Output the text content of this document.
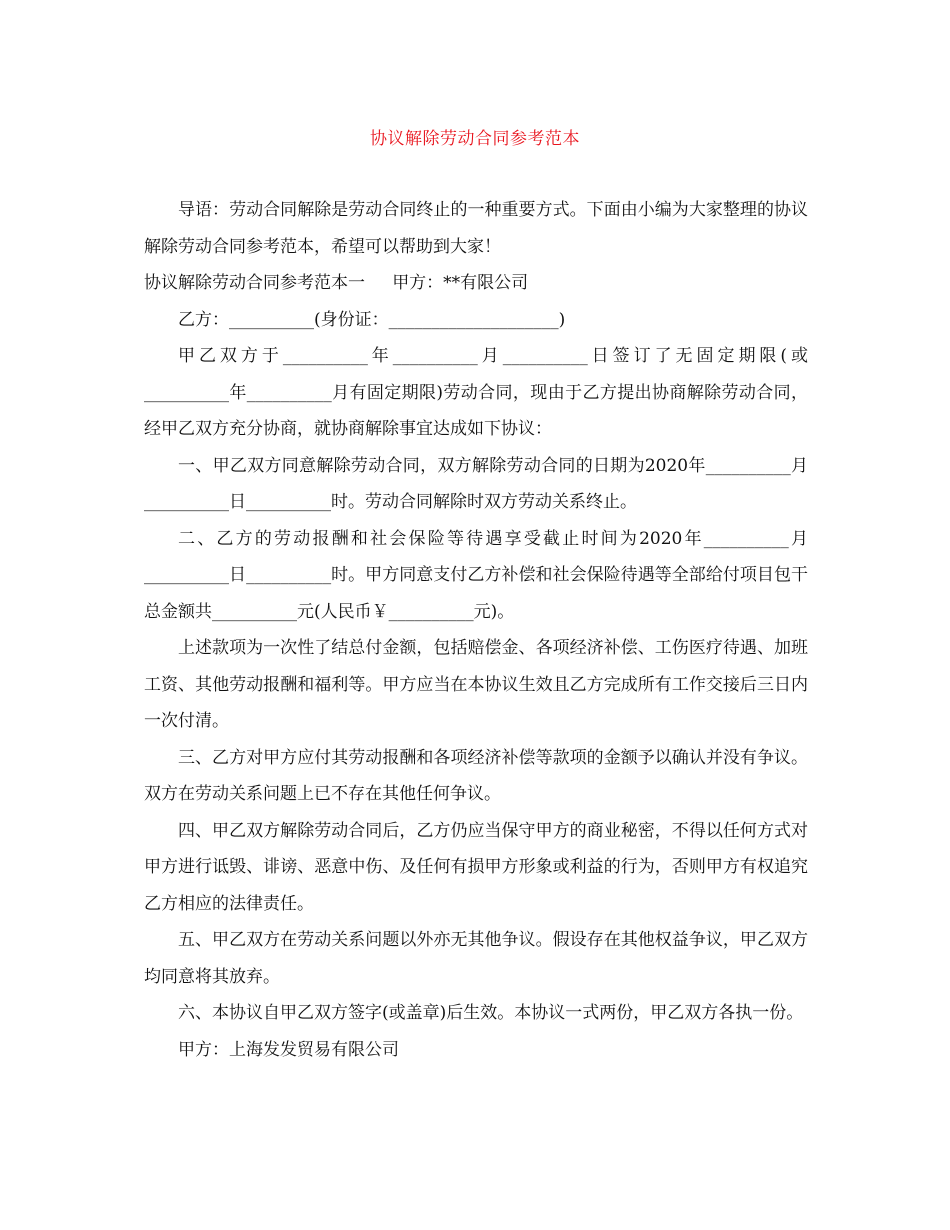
协议解除劳动合同参考范本

导语：劳动合同解除是劳动合同终止的一种重要方式。下面由小编为大家整理的协议解除劳动合同参考范本，希望可以帮助到大家！

协议解除劳动合同参考范本一 甲方：**有限公司

乙方：__________(身份证：____________________)

甲乙双方于__________年__________月__________日签订了无固定期限(或__________年__________月有固定期限)劳动合同，现由于乙方提出协商解除劳动合同，经甲乙双方充分协商，就协商解除事宜达成如下协议：

一、甲乙双方同意解除劳动合同，双方解除劳动合同的日期为2020年__________月__________日__________时。劳动合同解除时双方劳动关系终止。

二、乙方的劳动报酬和社会保险等待遇享受截止时间为2020年__________月__________日__________时。甲方同意支付乙方补偿和社会保险待遇等全部给付项目包干总金额共__________元(人民币￥__________元)。

上述款项为一次性了结总付金额，包括赔偿金、各项经济补偿、工伤医疗待遇、加班工资、其他劳动报酬和福利等。甲方应当在本协议生效且乙方完成所有工作交接后三日内一次付清。

三、乙方对甲方应付其劳动报酬和各项经济补偿等款项的金额予以确认并没有争议。双方在劳动关系问题上已不存在其他任何争议。

四、甲乙双方解除劳动合同后，乙方仍应当保守甲方的商业秘密，不得以任何方式对甲方进行诋毁、诽谤、恶意中伤、及任何有损甲方形象或利益的行为，否则甲方有权追究乙方相应的法律责任。

五、甲乙双方在劳动关系问题以外亦无其他争议。假设存在其他权益争议，甲乙双方均同意将其放弃。

六、本协议自甲乙双方签字(或盖章)后生效。本协议一式两份，甲乙双方各执一份。

甲方：上海发发贸易有限公司
